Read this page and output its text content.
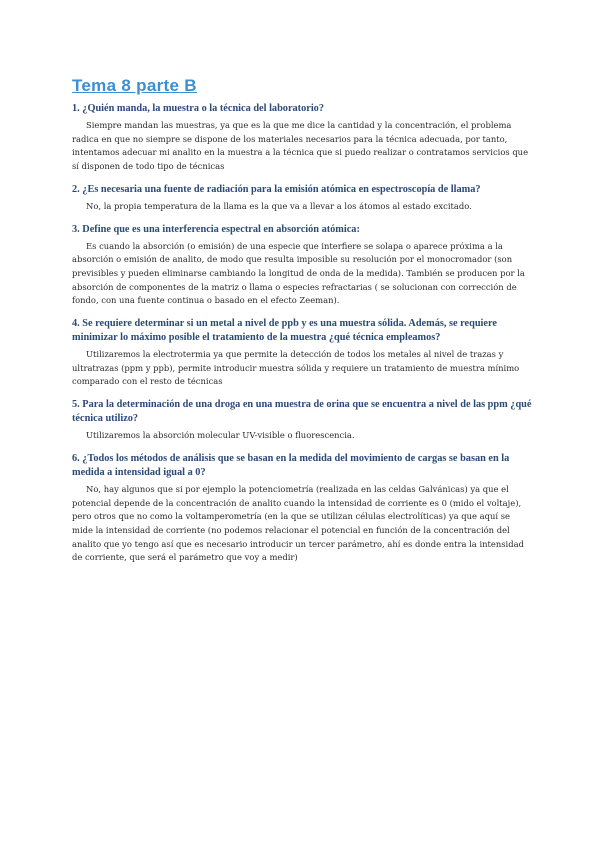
Tema 8 parte B

1. ¿Quién manda, la muestra o la técnica del laboratorio?

Siempre mandan las muestras, ya que es la que me dice la cantidad y la concentración, el problema radica en que no siempre se dispone de los materiales necesarios para la técnica adecuada, por tanto, intentamos adecuar mi analito en la muestra a la técnica que si puedo realizar o contratamos servicios que sí disponen de todo tipo de técnicas

2. ¿Es necesaria una fuente de radiación para la emisión atómica en espectroscopía de llama?

No, la propia temperatura de la llama es la que va a llevar a los átomos al estado excitado.

3. Define que es una interferencia espectral en absorción atómica:

Es cuando la absorción (o emisión) de una especie que interfiere se solapa o aparece próxima a la absorción o emisión de analito, de modo que resulta imposible su resolución por el monocromador (son previsibles y pueden eliminarse cambiando la longitud de onda de la medida). También se producen por la absorción de componentes de la matriz o llama o especies refractarias ( se solucionan con corrección de fondo, con una fuente continua o basado en el efecto Zeeman).

4. Se requiere determinar si un metal a nivel de ppb y es una muestra sólida. Además, se requiere minimizar lo máximo posible el tratamiento de la muestra ¿qué técnica empleamos?

Utilizaremos la electrotermia ya que permite la detección de todos los metales al nivel de trazas y ultratrazas (ppm y ppb), permite introducir muestra sólida y requiere un tratamiento de muestra mínimo comparado con el resto de técnicas

5. Para la determinación de una droga en una muestra de orina que se encuentra a nivel de las ppm ¿qué técnica utilizo?

Utilizaremos la absorción molecular UV-visible o fluorescencia.

6. ¿Todos los métodos de análisis que se basan en la medida del movimiento de cargas se basan en la medida a intensidad igual a 0?

No, hay algunos que si por ejemplo la potenciometría (realizada en las celdas Galvánicas) ya que el potencial depende de la concentración de analito cuando la intensidad de corriente es 0 (mido el voltaje), pero otros que no como la voltamperometría (en la que se utilizan células electrolíticas) ya que aquí se mide la intensidad de corriente (no podemos relacionar el potencial en función de la concentración del analito que yo tengo así que es necesario introducir un tercer parámetro, ahí es donde entra la intensidad de corriente, que será el parámetro que voy a medir)
